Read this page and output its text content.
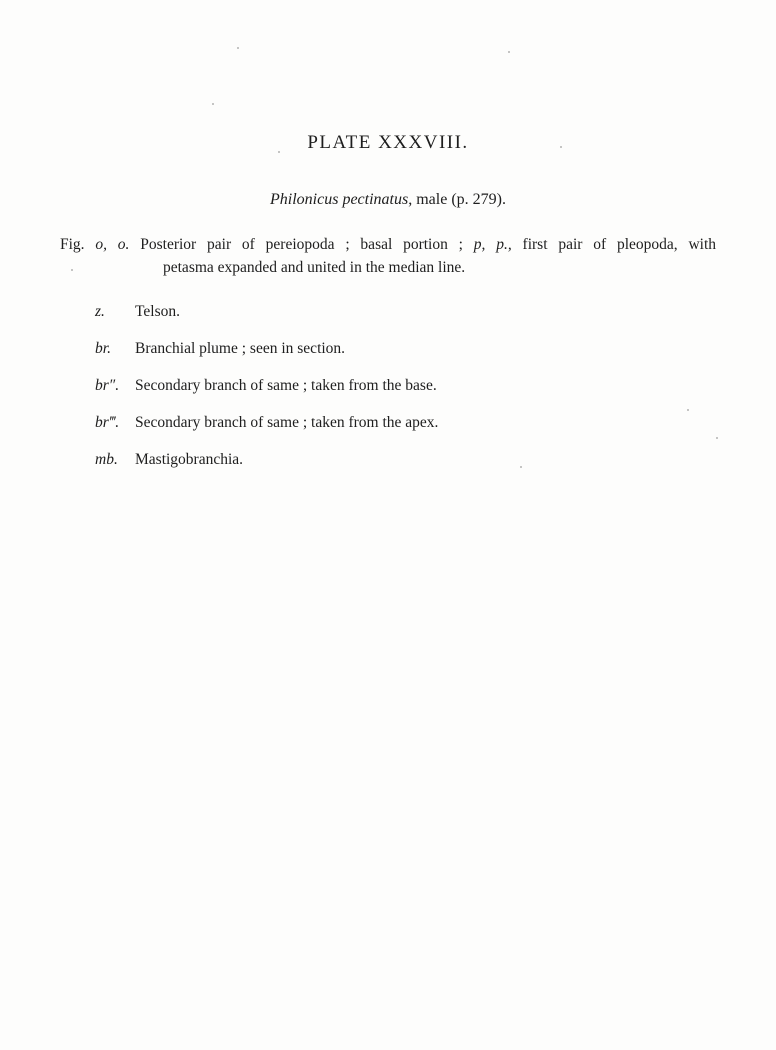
PLATE XXXVIII.

Philonicus pectinatus, male (p. 279).

Fig. o, o. Posterior pair of pereiopoda ; basal portion ; p, p., first pair of pleopoda, with
petasma expanded and united in the median line.
z.	Telson.
br.	Branchial plume ; seen in section.
br″.	Secondary branch of same ; taken from the base.
br‴.	Secondary branch of same ; taken from the apex.
mb.	Mastigobranchia.
